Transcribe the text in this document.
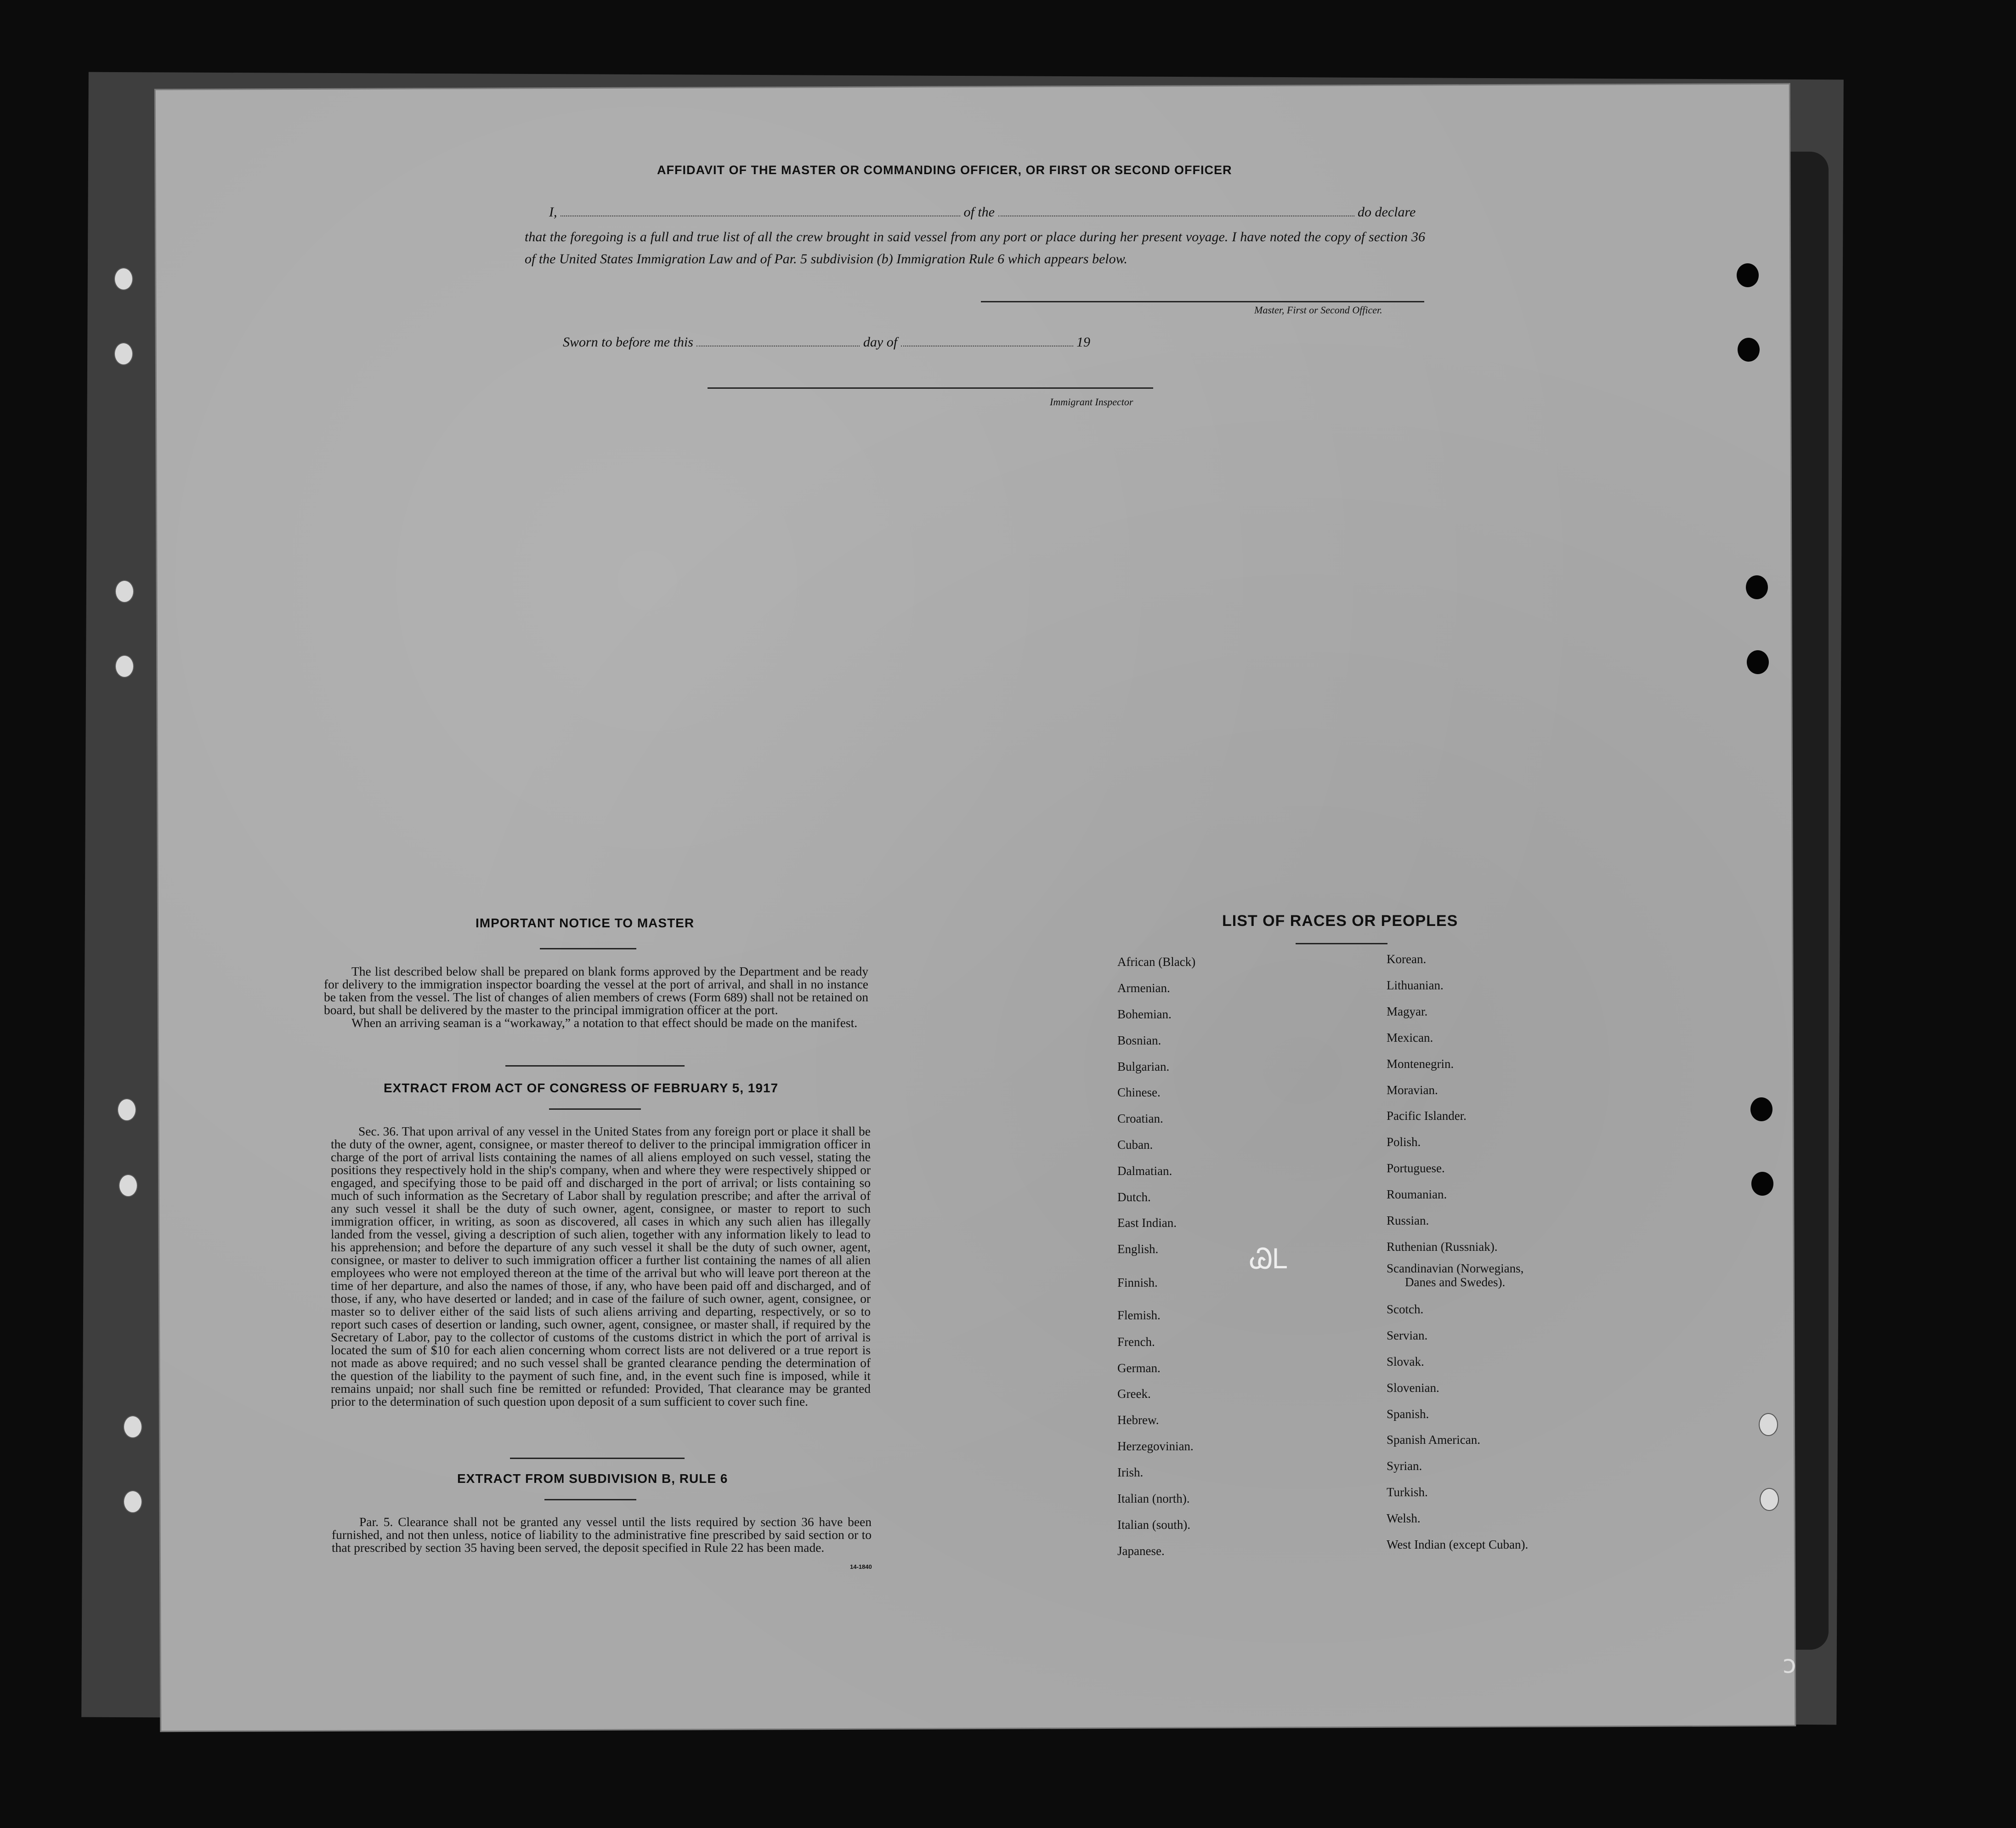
AFFIDAVIT OF THE MASTER OR COMMANDING OFFICER, OR FIRST OR SECOND OFFICER
I,	of the	do declare
that the foregoing is a full and true list of all the crew brought in said vessel from any port or place during her present voyage. I have noted the copy of section 36 of the United States Immigration Law and of Par. 5 subdivision (b) Immigration Rule 6 which appears below.
Master, First or Second Officer.
Sworn to before me this	day of	19
Immigrant Inspector
IMPORTANT NOTICE TO MASTER

The list described below shall be prepared on blank forms approved by the Department and be ready for delivery to the immigration inspector boarding the vessel at the port of arrival, and shall in no instance be taken from the vessel. The list of changes of alien members of crews (Form 689) shall not be retained on board, but shall be delivered by the master to the principal immigration officer at the port.

When an arriving seaman is a “workaway,” a notation to that effect should be made on the manifest.

EXTRACT FROM ACT OF CONGRESS OF FEBRUARY 5, 1917

Sec. 36. That upon arrival of any vessel in the United States from any foreign port or place it shall be the duty of the owner, agent, consignee, or master thereof to deliver to the principal immigration officer in charge of the port of arrival lists containing the names of all aliens employed on such vessel, stating the positions they respectively hold in the ship's company, when and where they were respectively shipped or engaged, and specifying those to be paid off and discharged in the port of arrival; or lists containing so much of such information as the Secretary of Labor shall by regulation prescribe; and after the arrival of any such vessel it shall be the duty of such owner, agent, consignee, or master to report to such immigration officer, in writing, as soon as discovered, all cases in which any such alien has illegally landed from the vessel, giving a description of such alien, together with any information likely to lead to his apprehension; and before the departure of any such vessel it shall be the duty of such owner, agent, consignee, or master to deliver to such immigration officer a further list containing the names of all alien employees who were not employed thereon at the time of the arrival but who will leave port thereon at the time of her departure, and also the names of those, if any, who have been paid off and discharged, and of those, if any, who have deserted or landed; and in case of the failure of such owner, agent, consignee, or master so to deliver either of the said lists of such aliens arriving and departing, respectively, or so to report such cases of desertion or landing, such owner, agent, consignee, or master shall, if required by the Secretary of Labor, pay to the collector of customs of the customs district in which the port of arrival is located the sum of $10 for each alien concerning whom correct lists are not delivered or a true report is not made as above required; and no such vessel shall be granted clearance pending the determination of the question of the liability to the payment of such fine, and, in the event such fine is imposed, while it remains unpaid; nor shall such fine be remitted or refunded: Provided, That clearance may be granted prior to the determination of such question upon deposit of a sum sufficient to cover such fine.

EXTRACT FROM SUBDIVISION B, RULE 6

Par. 5. Clearance shall not be granted any vessel until the lists required by section 36 have been furnished, and not then unless, notice of liability to the administrative fine prescribed by said section or to that prescribed by section 35 having been served, the deposit specified in Rule 22 has been made.

14-1840
LIST OF RACES OR PEOPLES
African (Black)
Armenian.
Bohemian.
Bosnian.
Bulgarian.
Chinese.
Croatian.
Cuban.
Dalmatian.
Dutch.
East Indian.
English.
Finnish.
Flemish.
French.
German.
Greek.
Hebrew.
Herzegovinian.
Irish.
Italian (north).
Italian (south).
Japanese.
Korean.
Lithuanian.
Magyar.
Mexican.
Montenegrin.
Moravian.
Pacific Islander.
Polish.
Portuguese.
Roumanian.
Russian.
Ruthenian (Russniak).
Scandinavian (Norwegians,
Danes and Swedes).
Scotch.
Servian.
Slovak.
Slovenian.
Spanish.
Spanish American.
Syrian.
Turkish.
Welsh.
West Indian (except Cuban).
ᏊᏞ
ↄ
